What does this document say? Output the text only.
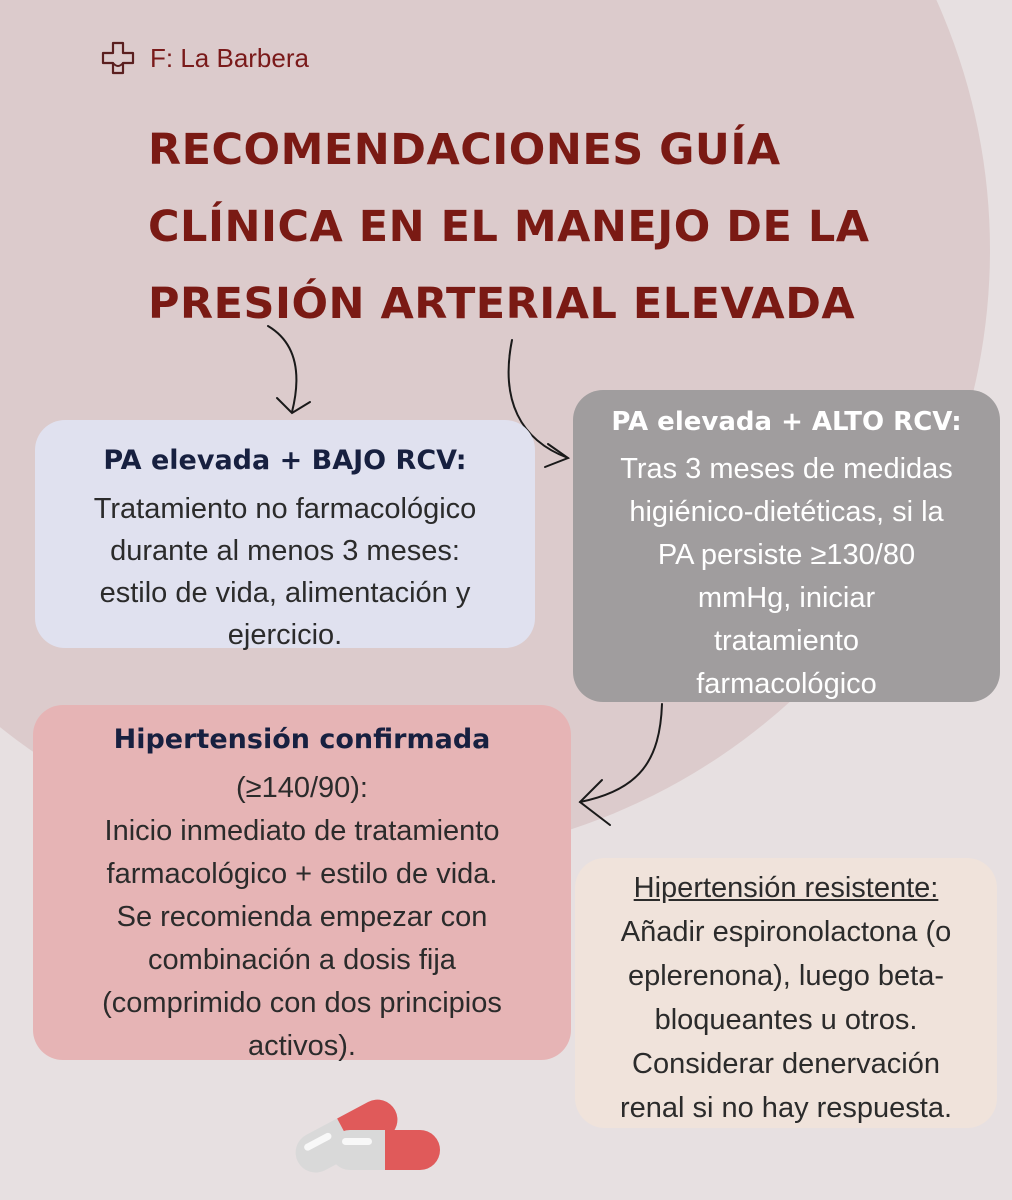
F: La Barbera
RECOMENDACIONES GUÍA
CLÍNICA EN EL MANEJO DE LA
PRESIÓN ARTERIAL ELEVADA
PA elevada + BAJO RCV:
Tratamiento no farmacológico
durante al menos 3 meses:
estilo de vida, alimentación y
ejercicio.
PA elevada + ALTO RCV:
Tras 3 meses de medidas
higiénico-dietéticas, si la
PA persiste ≥130/80
mmHg, iniciar
tratamiento
farmacológico
Hipertensión confirmada
(≥140/90):
Inicio inmediato de tratamiento
farmacológico + estilo de vida.
Se recomienda empezar con
combinación a dosis fija
(comprimido con dos principios
activos).
Hipertensión resistente:
Añadir espironolactona (o
eplerenona), luego beta-
bloqueantes u otros.
Considerar denervación
renal si no hay respuesta.
